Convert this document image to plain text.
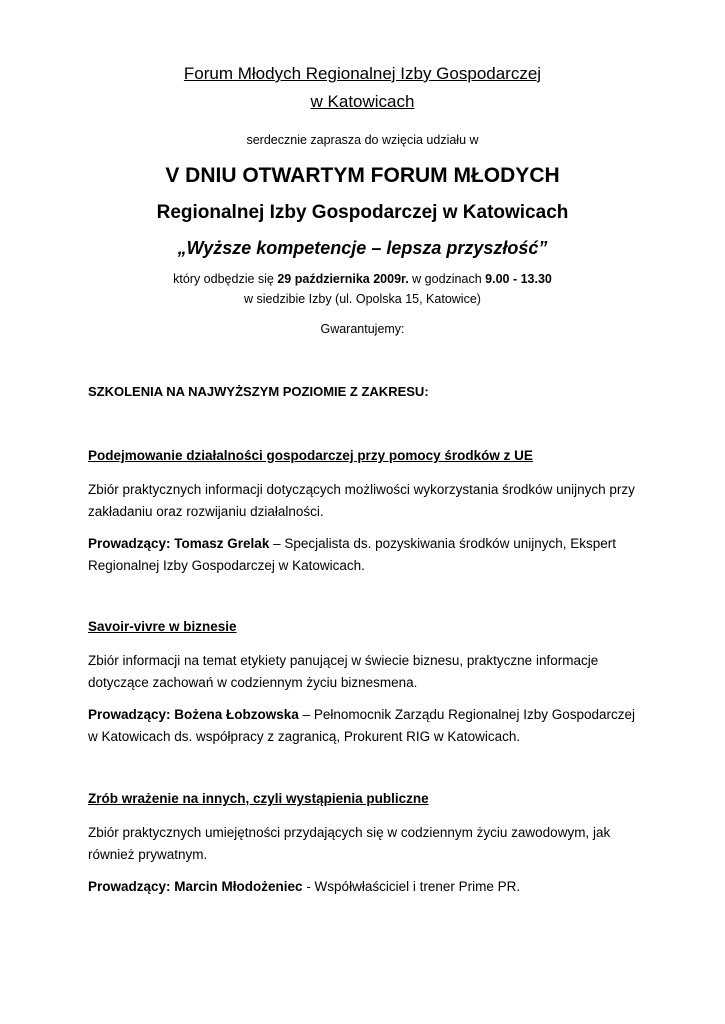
Forum Młodych Regionalnej Izby Gospodarczej
w Katowicach
serdecznie zaprasza do wzięcia udziału w
V DNIU OTWARTYM FORUM MŁODYCH
Regionalnej Izby Gospodarczej w Katowicach
„Wyższe kompetencje – lepsza przyszłość”
który odbędzie się 29 października 2009r. w godzinach 9.00 - 13.30
w siedzibie Izby (ul. Opolska 15, Katowice)
Gwarantujemy:
SZKOLENIA NA NAJWYŻSZYM POZIOMIE Z ZAKRESU:

Podejmowanie działalności gospodarczej przy pomocy środków z UE

Zbiór praktycznych informacji dotyczących możliwości wykorzystania środków unijnych przy zakładaniu oraz rozwijaniu działalności.

Prowadzący: Tomasz Grelak – Specjalista ds. pozyskiwania środków unijnych, Ekspert Regionalnej Izby Gospodarczej w Katowicach.

Savoir-vivre w biznesie

Zbiór informacji na temat etykiety panującej w świecie biznesu, praktyczne informacje dotyczące zachowań w codziennym życiu biznesmena.

Prowadzący: Bożena Łobzowska – Pełnomocnik Zarządu Regionalnej Izby Gospodarczej w Katowicach ds. współpracy z zagranicą, Prokurent RIG w Katowicach.

Zrób wrażenie na innych, czyli wystąpienia publiczne

Zbiór praktycznych umiejętności przydających się w codziennym życiu zawodowym, jak również prywatnym.

Prowadzący: Marcin Młodożeniec - Współwłaściciel i trener Prime PR.
